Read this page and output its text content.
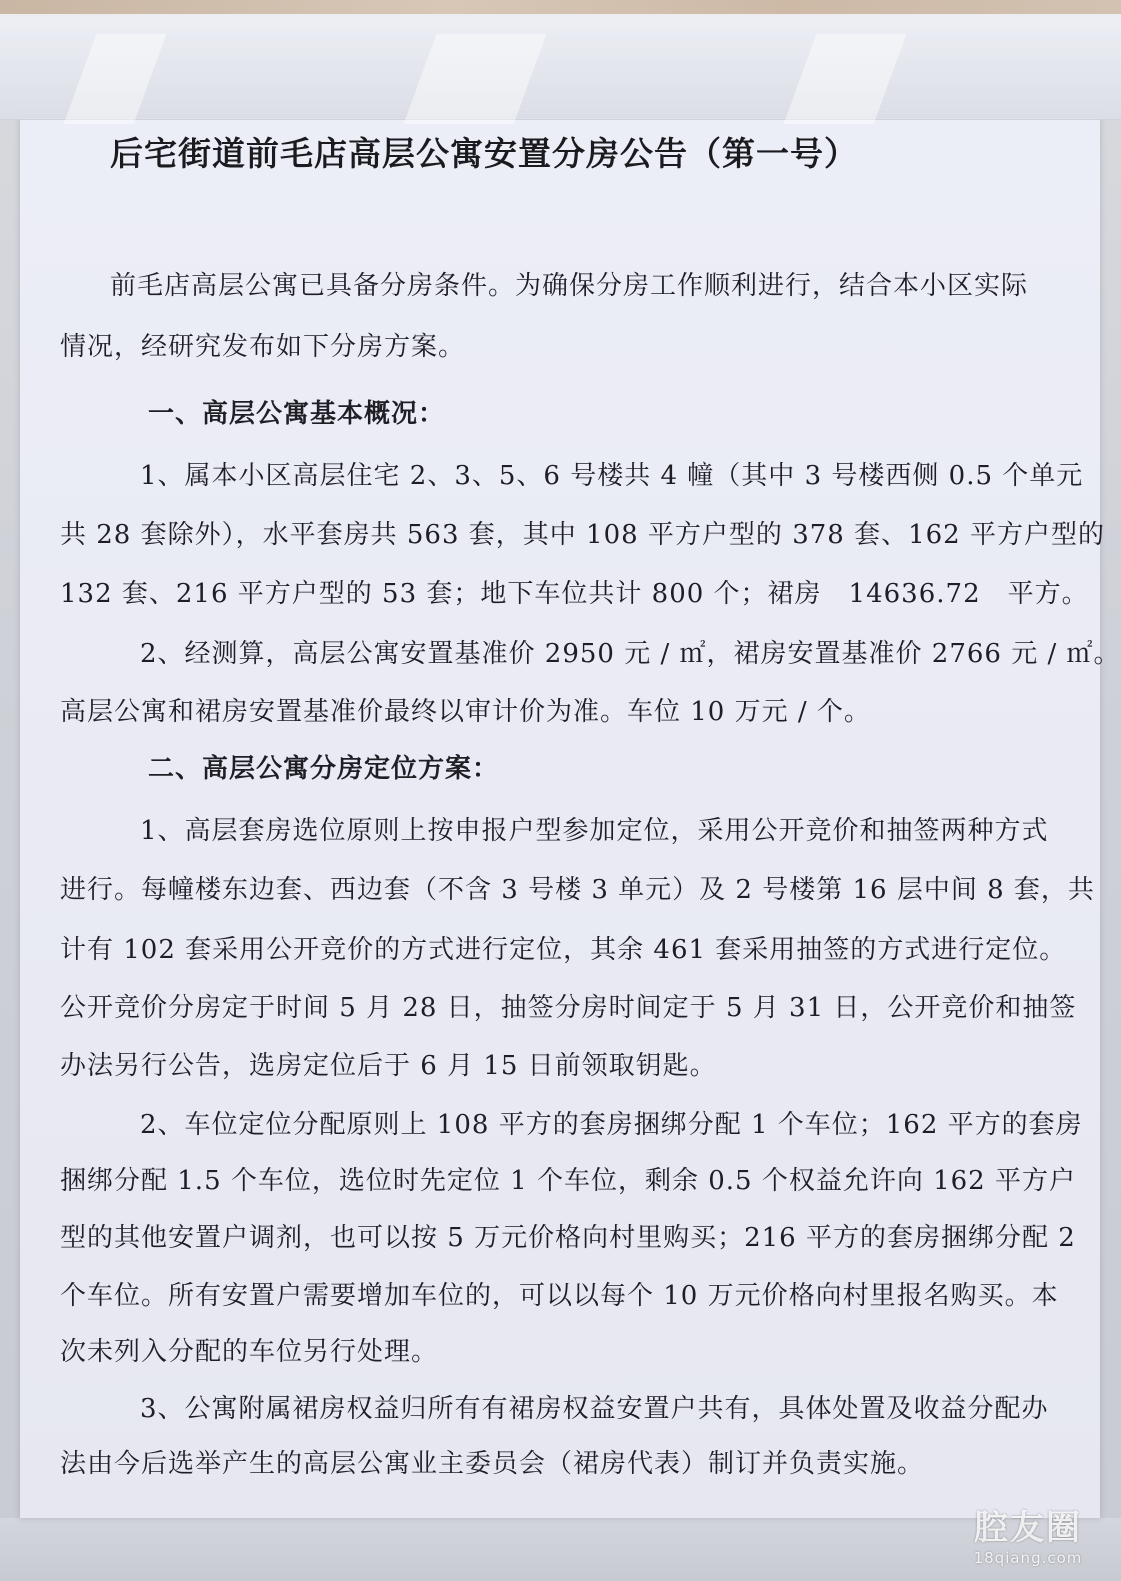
后宅街道前毛店高层公寓安置分房公告（第一号）
前毛店高层公寓已具备分房条件。为确保分房工作顺利进行，结合本小区实际
情况，经研究发布如下分房方案。
一、高层公寓基本概况：
1、属本小区高层住宅 2、3、5、6 号楼共 4 幢（其中 3 号楼西侧 0.5 个单元
共 28 套除外），水平套房共 563 套，其中 108 平方户型的 378 套、162 平方户型的
132 套、216 平方户型的 53 套；地下车位共计 800 个；裙房　14636.72　平方。
2、经测算，高层公寓安置基准价 2950 元 / ㎡，裙房安置基准价 2766 元 / ㎡。
高层公寓和裙房安置基准价最终以审计价为准。车位 10 万元 / 个。
二、高层公寓分房定位方案：
1、高层套房选位原则上按申报户型参加定位，采用公开竞价和抽签两种方式
进行。每幢楼东边套、西边套（不含 3 号楼 3 单元）及 2 号楼第 16 层中间 8 套，共
计有 102 套采用公开竞价的方式进行定位，其余 461 套采用抽签的方式进行定位。
公开竞价分房定于时间 5 月 28 日，抽签分房时间定于 5 月 31 日，公开竞价和抽签
办法另行公告，选房定位后于 6 月 15 日前领取钥匙。
2、车位定位分配原则上 108 平方的套房捆绑分配 1 个车位；162 平方的套房
捆绑分配 1.5 个车位，选位时先定位 1 个车位，剩余 0.5 个权益允许向 162 平方户
型的其他安置户调剂，也可以按 5 万元价格向村里购买；216 平方的套房捆绑分配 2
个车位。所有安置户需要增加车位的，可以以每个 10 万元价格向村里报名购买。本
次未列入分配的车位另行处理。
3、公寓附属裙房权益归所有有裙房权益安置户共有，具体处置及收益分配办
法由今后选举产生的高层公寓业主委员会（裙房代表）制订并负责实施。
腔友圈
18qiang.com
